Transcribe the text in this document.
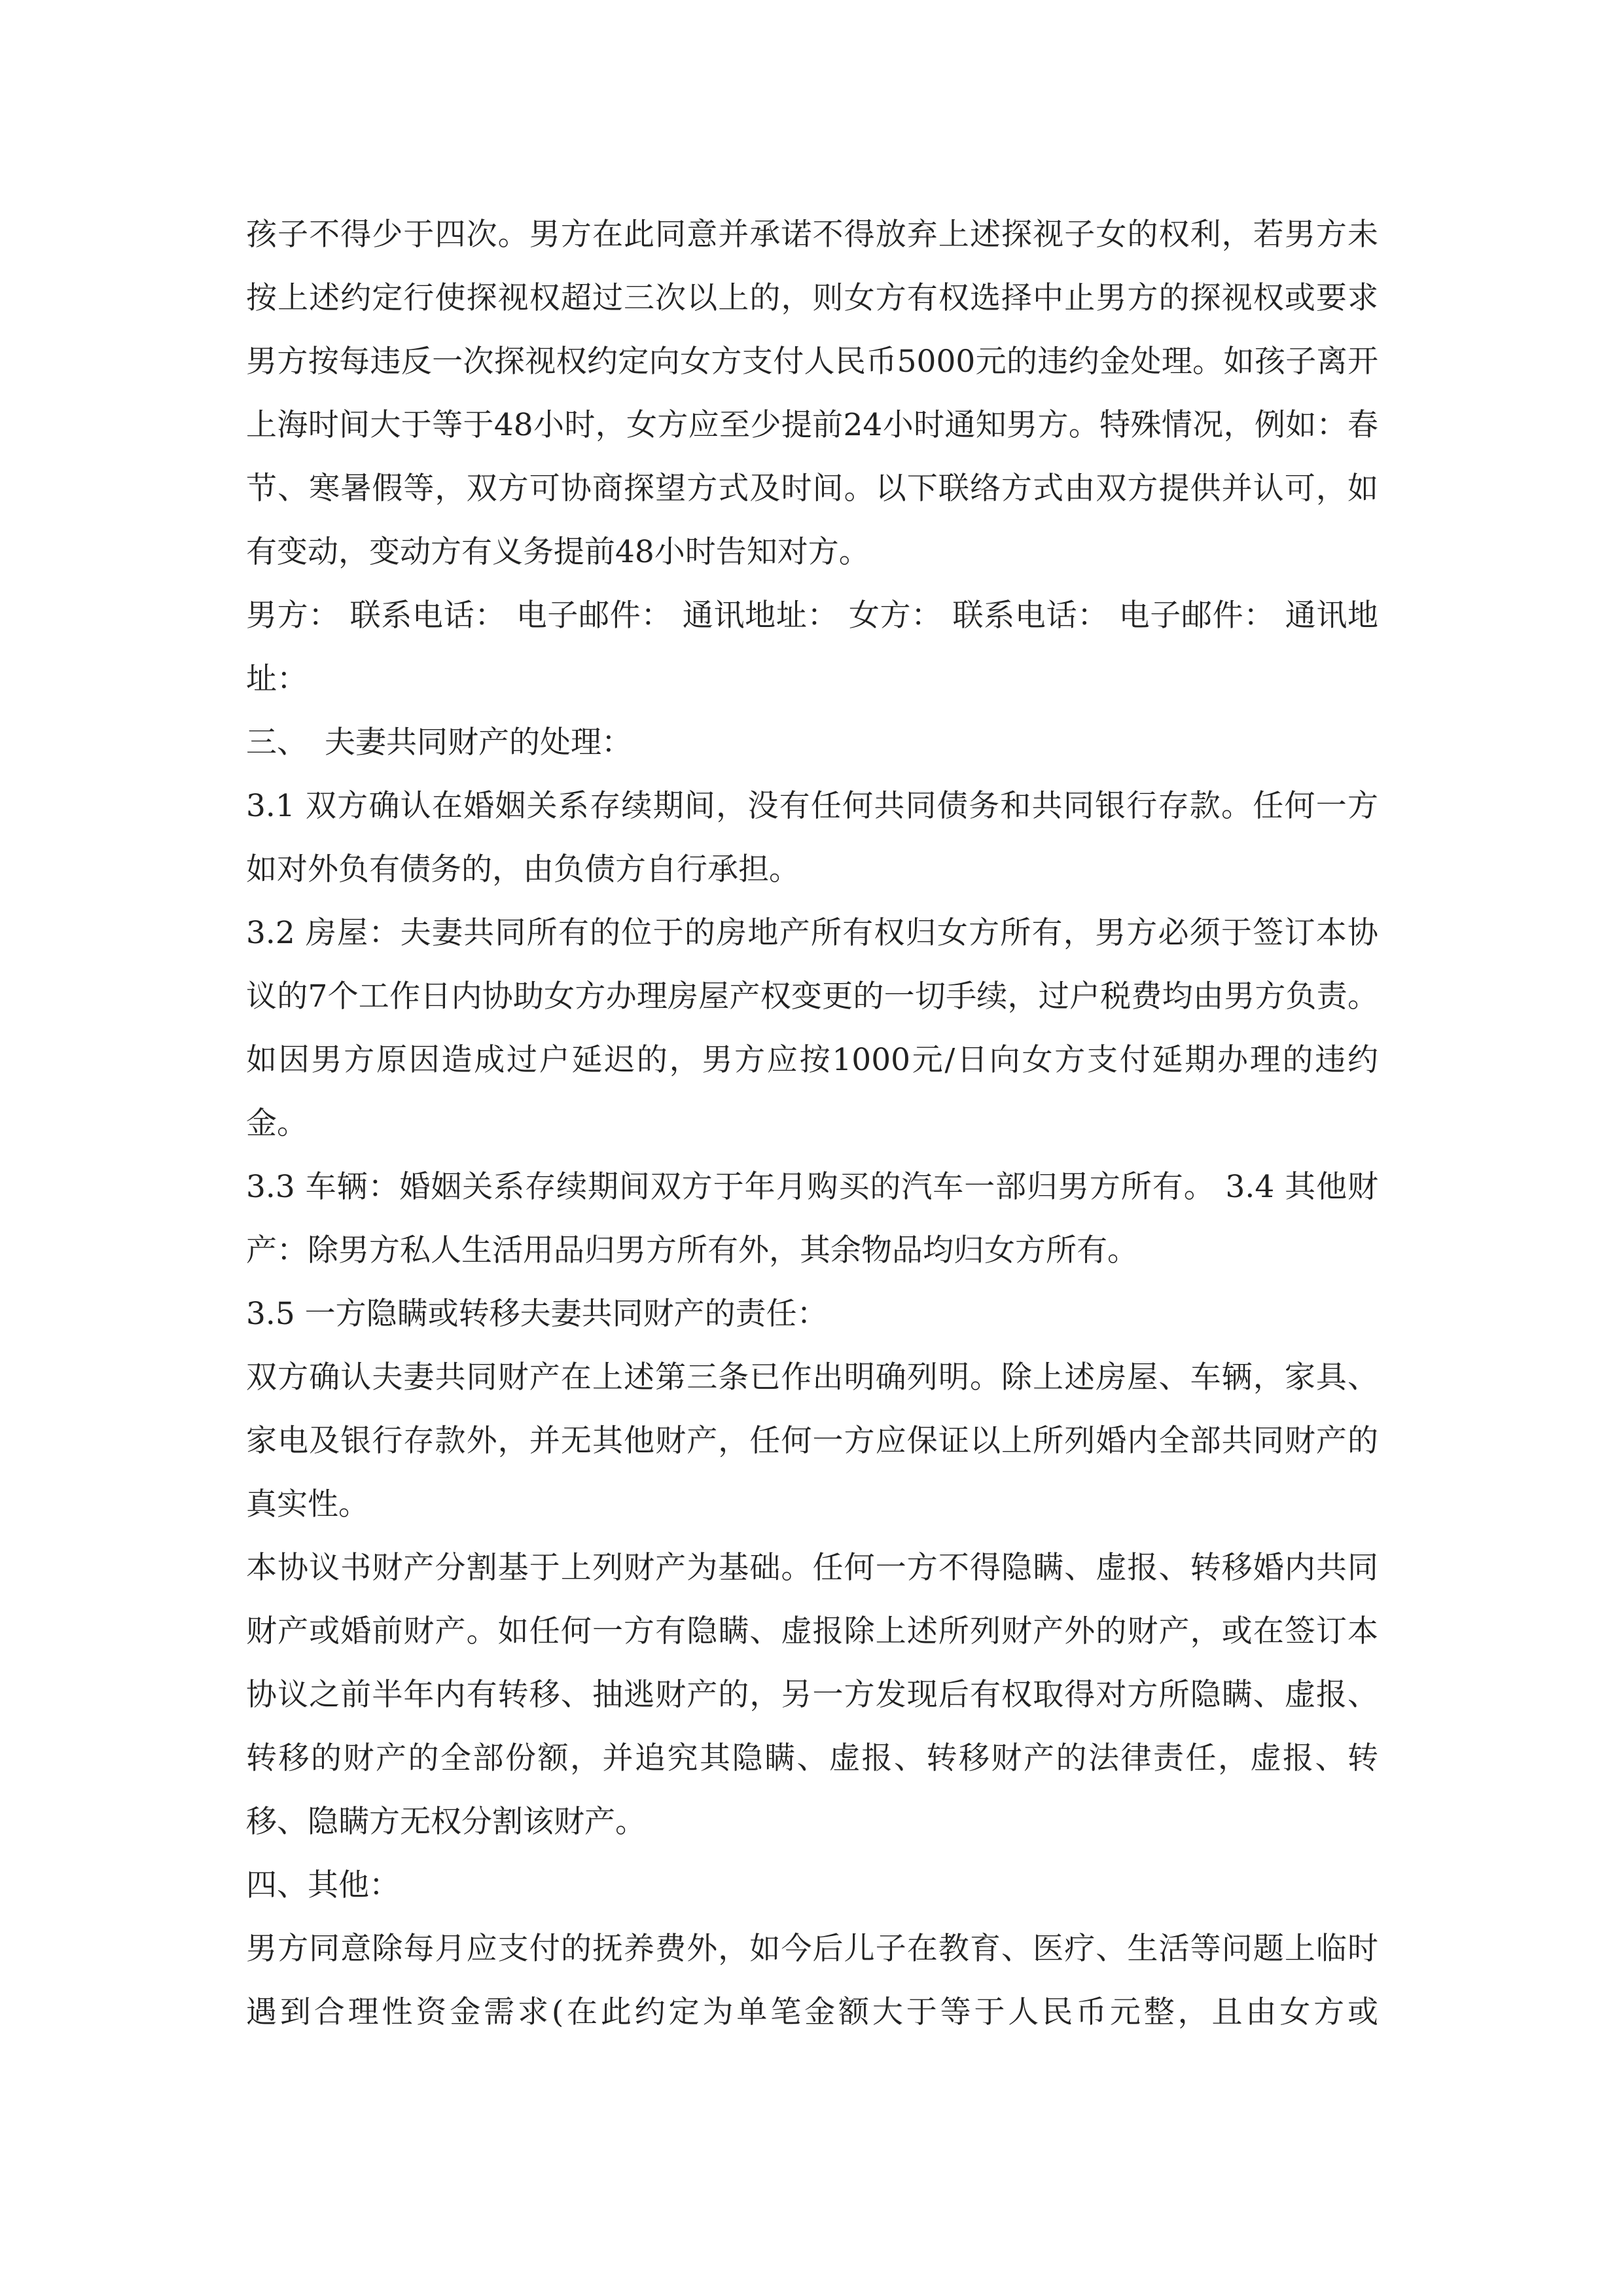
孩子不得少于四次。男方在此同意并承诺不得放弃上述探视子女的权利，若男方未按上述约定行使探视权超过三次以上的，则女方有权选择中止男方的探视权或要求男方按每违反一次探视权约定向女方支付人民币5000元的违约金处理。如孩子离开上海时间大于等于48小时，女方应至少提前24小时通知男方。特殊情况，例如：春节、寒暑假等，双方可协商探望方式及时间。以下联络方式由双方提供并认可，如有变动，变动方有义务提前48小时告知对方。

男方： 联系电话： 电子邮件： 通讯地址： 女方： 联系电话： 电子邮件： 通讯地址：

三、 夫妻共同财产的处理：

3.1 双方确认在婚姻关系存续期间，没有任何共同债务和共同银行存款。任何一方如对外负有债务的，由负债方自行承担。

3.2 房屋：夫妻共同所有的位于的房地产所有权归女方所有，男方必须于签订本协议的7个工作日内协助女方办理房屋产权变更的一切手续，过户税费均由男方负责。如因男方原因造成过户延迟的，男方应按1000元/日向女方支付延期办理的违约金。

3.3 车辆：婚姻关系存续期间双方于年月购买的汽车一部归男方所有。 3.4 其他财产：除男方私人生活用品归男方所有外，其余物品均归女方所有。

3.5 一方隐瞒或转移夫妻共同财产的责任：

双方确认夫妻共同财产在上述第三条已作出明确列明。除上述房屋、车辆，家具、家电及银行存款外，并无其他财产，任何一方应保证以上所列婚内全部共同财产的真实性。

本协议书财产分割基于上列财产为基础。任何一方不得隐瞒、虚报、转移婚内共同财产或婚前财产。如任何一方有隐瞒、虚报除上述所列财产外的财产，或在签订本协议之前半年内有转移、抽逃财产的，另一方发现后有权取得对方所隐瞒、虚报、转移的财产的全部份额，并追究其隐瞒、虚报、转移财产的法律责任，虚报、转移、隐瞒方无权分割该财产。

四、其他：

男方同意除每月应支付的抚养费外，如今后儿子在教育、医疗、生活等问题上临时遇到合理性资金需求(在此约定为单笔金额大于等于人民币元整，且由女方或
